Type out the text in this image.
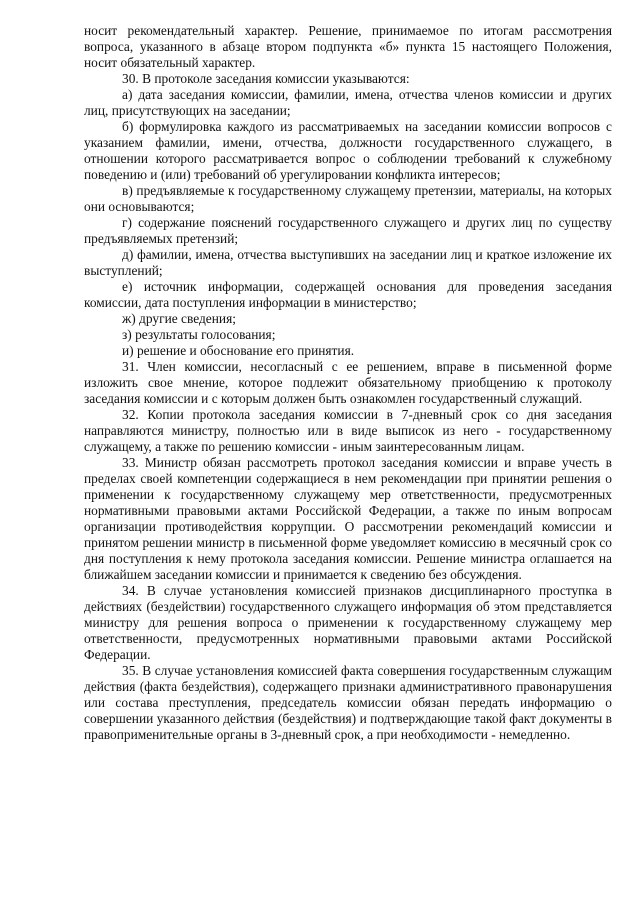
носит рекомендательный характер. Решение, принимаемое по итогам рассмотрения вопроса, указанного в абзаце втором подпункта «б» пункта 15 настоящего Положения, носит обязательный характер.

30. В протоколе заседания комиссии указываются:

а) дата заседания комиссии, фамилии, имена, отчества членов комиссии и других лиц, присутствующих на заседании;

б) формулировка каждого из рассматриваемых на заседании комиссии вопросов с указанием фамилии, имени, отчества, должности государственного служащего, в отношении которого рассматривается вопрос о соблюдении требований к служебному поведению и (или) требований об урегулировании конфликта интересов;

в) предъявляемые к государственному служащему претензии, материалы, на которых они основываются;

г) содержание пояснений государственного служащего и других лиц по существу предъявляемых претензий;

д) фамилии, имена, отчества выступивших на заседании лиц и краткое изложение их выступлений;

е) источник информации, содержащей основания для проведения заседания комиссии, дата поступления информации в министерство;

ж) другие сведения;

з) результаты голосования;

и) решение и обоснование его принятия.

31. Член комиссии, несогласный с ее решением, вправе в письменной форме изложить свое мнение, которое подлежит обязательному приобщению к протоколу заседания комиссии и с которым должен быть ознакомлен государственный служащий.

32. Копии протокола заседания комиссии в 7-дневный срок со дня заседания направляются министру, полностью или в виде выписок из него - государственному служащему, а также по решению комиссии - иным заинтересованным лицам.

33. Министр обязан рассмотреть протокол заседания комиссии и вправе учесть в пределах своей компетенции содержащиеся в нем рекомендации при принятии решения о применении к государственному служащему мер ответственности, предусмотренных нормативными правовыми актами Российской Федерации, а также по иным вопросам организации противодействия коррупции. О рассмотрении рекомендаций комиссии и принятом решении министр в письменной форме уведомляет комиссию в месячный срок со дня поступления к нему протокола заседания комиссии. Решение министра оглашается на ближайшем заседании комиссии и принимается к сведению без обсуждения.

34. В случае установления комиссией признаков дисциплинарного проступка в действиях (бездействии) государственного служащего информация об этом представляется министру для решения вопроса о применении к государственному служащему мер ответственности, предусмотренных нормативными правовыми актами Российской Федерации.

35. В случае установления комиссией факта совершения государственным служащим действия (факта бездействия), содержащего признаки административного правонарушения или состава преступления, председатель комиссии обязан передать информацию о совершении указанного действия (бездействия) и подтверждающие такой факт документы в правоприменительные органы в 3-дневный срок, а при необходимости - немедленно.
